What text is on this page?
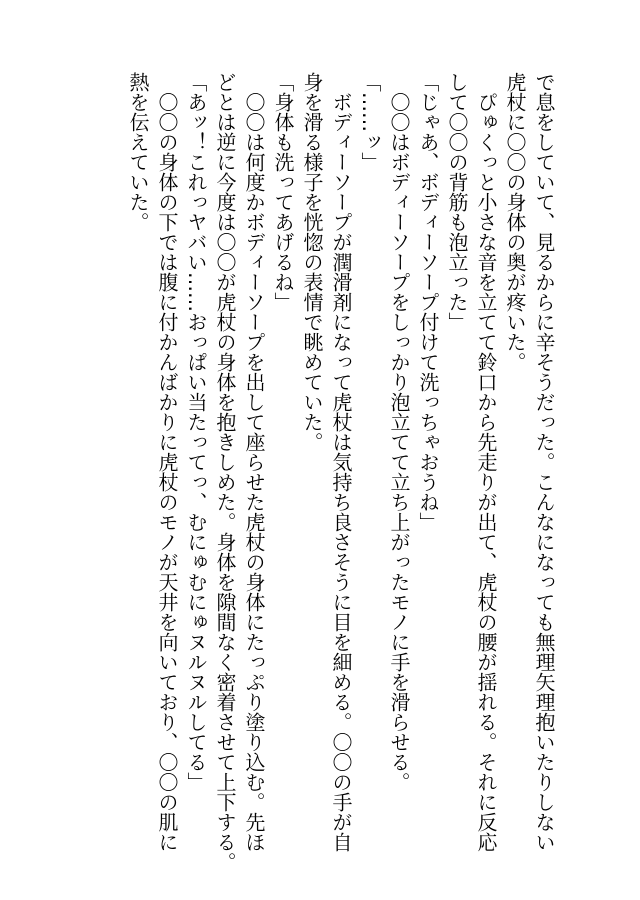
で息をしていて、見るからに辛そうだった。こんなになっても無理矢理抱いたりしない
虎杖に〇〇の身体の奥が疼いた。
　ぴゅくっと小さな音を立てて鈴口から先走りが出て、虎杖の腰が揺れる。それに反応
して〇〇の背筋も泡立った」
「じゃあ、ボディーソープ付けて洗っちゃおうね」
　〇〇はボディーソープをしっかり泡立てて立ち上がったモノに手を滑らせる。
「……ッ」
　ボディーソープが潤滑剤になって虎杖は気持ち良さそうに目を細める。〇〇の手が自
身を滑る様子を恍惚の表情で眺めていた。
「身体も洗ってあげるね」
　〇〇は何度かボディーソープを出して座らせた虎杖の身体にたっぷり塗り込む。先ほ
どとは逆に今度は〇〇が虎杖の身体を抱きしめた。身体を隙間なく密着させて上下する。
「あッ！これっヤバい……おっぱい当たってっ、むにゅむにゅヌルヌルしてる」
　〇〇の身体の下では腹に付かんばかりに虎杖のモノが天井を向いており、〇〇の肌に
熱を伝えていた。
